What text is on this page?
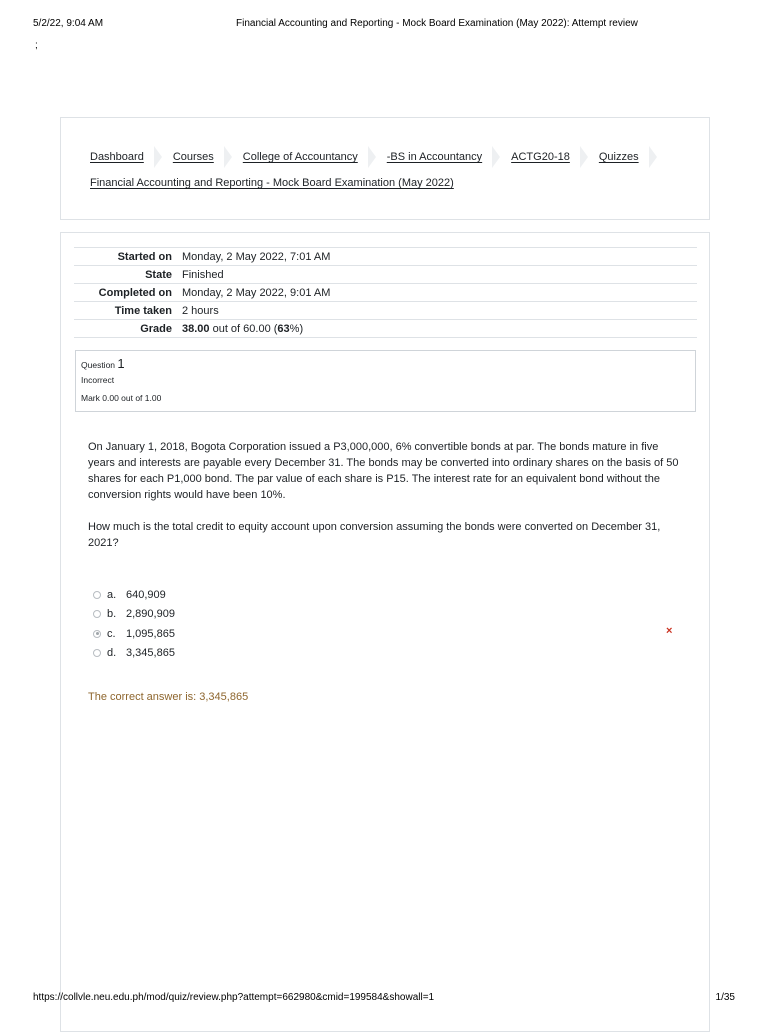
5/2/22, 9:04 AM	Financial Accounting and Reporting - Mock Board Examination (May 2022): Attempt review
;
Dashboard	Courses	College of Accountancy	-BS in Accountancy	ACTG20-18	Quizzes
Financial Accounting and Reporting - Mock Board Examination (May 2022)
Started on	Monday, 2 May 2022, 7:01 AM
State	Finished
Completed on	Monday, 2 May 2022, 9:01 AM
Time taken	2 hours
Grade	38.00 out of 60.00 (63%)
Question 1
Incorrect
Mark 0.00 out of 1.00

On January 1, 2018, Bogota Corporation issued a P3,000,000, 6% convertible bonds at par. The bonds mature in five years and interests are payable every December 31. The bonds may be converted into ordinary shares on the basis of 50 shares for each P1,000 bond. The par value of each share is P15. The interest rate for an equivalent bond without the conversion rights would have been 10%.

How much is the total credit to equity account upon conversion assuming the bonds were converted on December 31, 2021?

a. 640,909
b. 2,890,909
c. 1,095,865
d. 3,345,865
×
The correct answer is: 3,345,865
https://collvle.neu.edu.ph/mod/quiz/review.php?attempt=662980&cmid=199584&showall=1	1/35
